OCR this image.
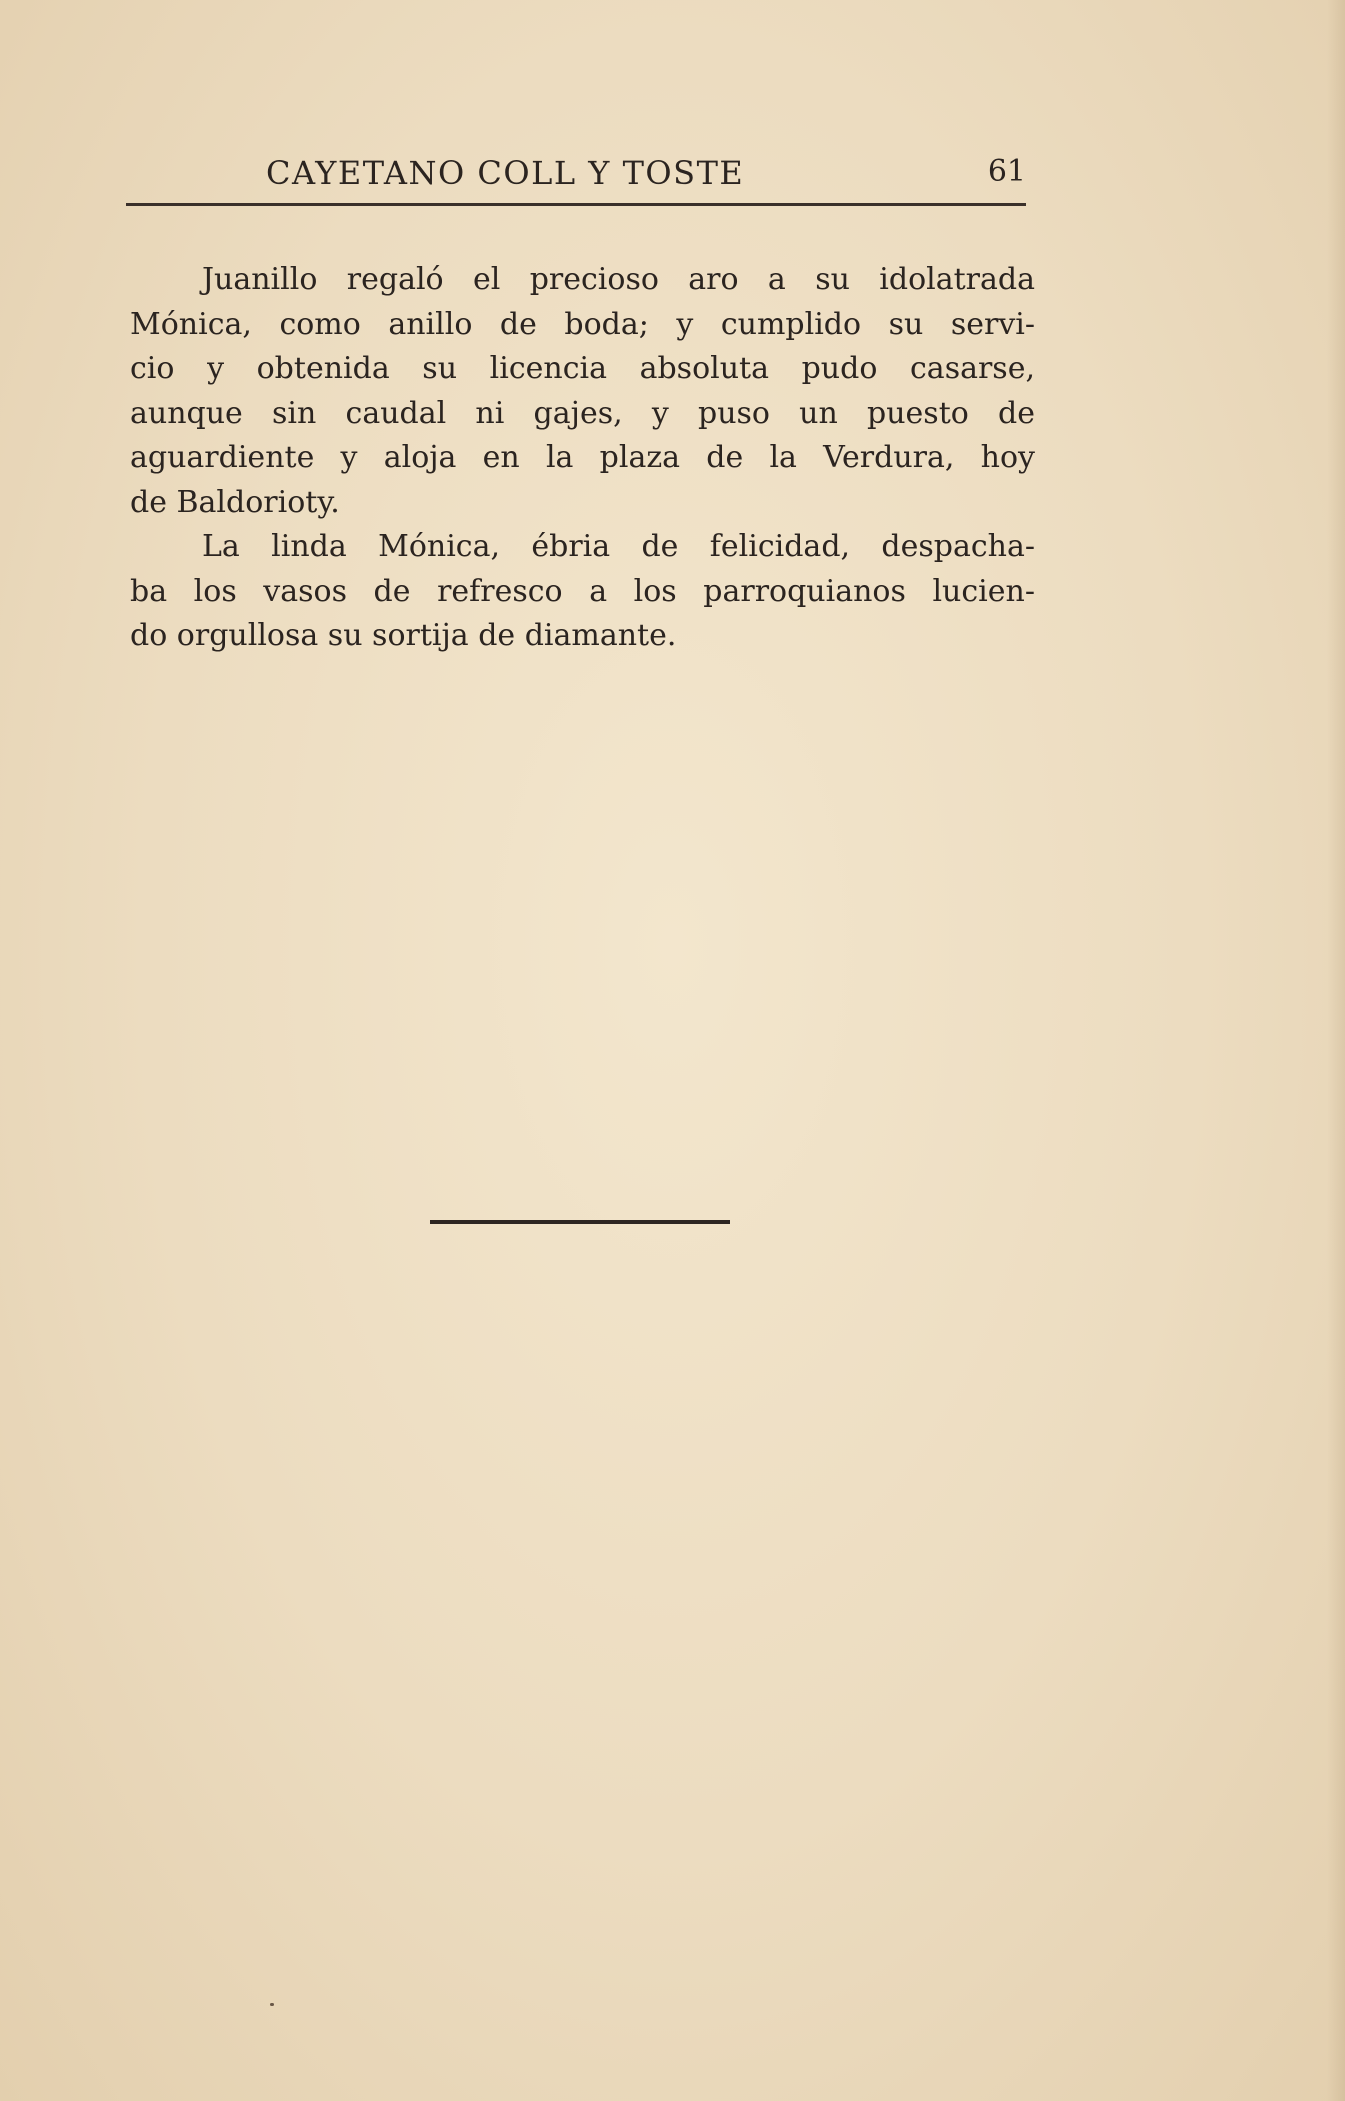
CAYETANO COLL Y TOSTE	61
Juanillo regaló el precioso aro a su idolatrada
Mónica, como anillo de boda; y cumplido su servi-
cio y obtenida su licencia absoluta pudo casarse,
aunque sin caudal ni gajes, y puso un puesto de
aguardiente y aloja en la plaza de la Verdura, hoy
de Baldorioty.
La linda Mónica, ébria de felicidad, despacha-
ba los vasos de refresco a los parroquianos lucien-
do orgullosa su sortija de diamante.
